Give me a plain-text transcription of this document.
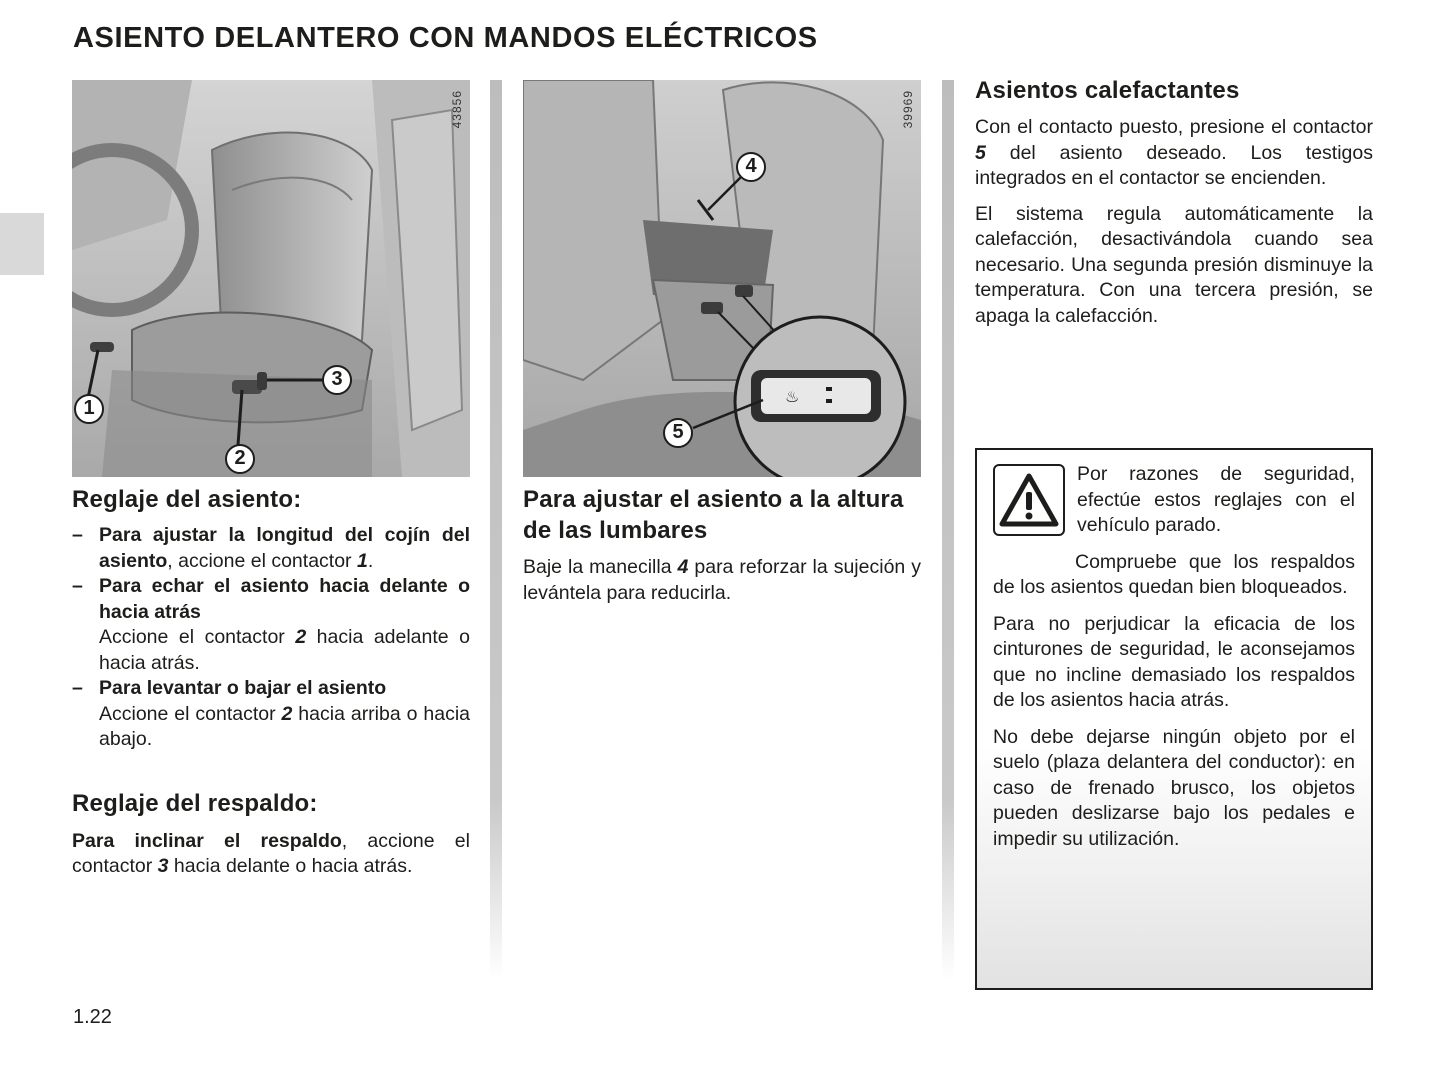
ASIENTO DELANTERO CON MANDOS ELÉCTRICOS
43856
1
2
3
♨
39969
4
5
Reglaje del asiento:
– Para ajustar la longitud del cojín del asiento, accione el contactor 1.
– Para echar el asiento hacia delante o hacia atrás
Accione el contactor 2 hacia adelante o hacia atrás.
– Para levantar o bajar el asiento
Accione el contactor 2 hacia arriba o hacia abajo.
Reglaje del respaldo:

Para inclinar el respaldo, accione el contactor 3 hacia delante o hacia atrás.

Para ajustar el asiento a la altura de las lumbares

Baje la manecilla 4 para reforzar la sujeción y levántela para reducirla.

Asientos calefactantes

Con el contacto puesto, presione el contactor 5 del asiento deseado. Los testigos integrados en el contactor se encienden.

El sistema regula automáticamente la calefacción, desactivándola cuando sea necesario. Una segunda presión disminuye la temperatura. Con una tercera presión, se apaga la calefacción.

Por razones de seguridad, efectúe estos reglajes con el vehículo parado.

Compruebe que los respaldos de los asientos quedan bien bloqueados.

Para no perjudicar la eficacia de los cinturones de seguridad, le aconsejamos que no incline demasiado los respaldos de los asientos hacia atrás.

No debe dejarse ningún objeto por el suelo (plaza delantera del conductor): en caso de frenado brusco, los objetos pueden deslizarse bajo los pedales e impedir su utilización.

1.22
